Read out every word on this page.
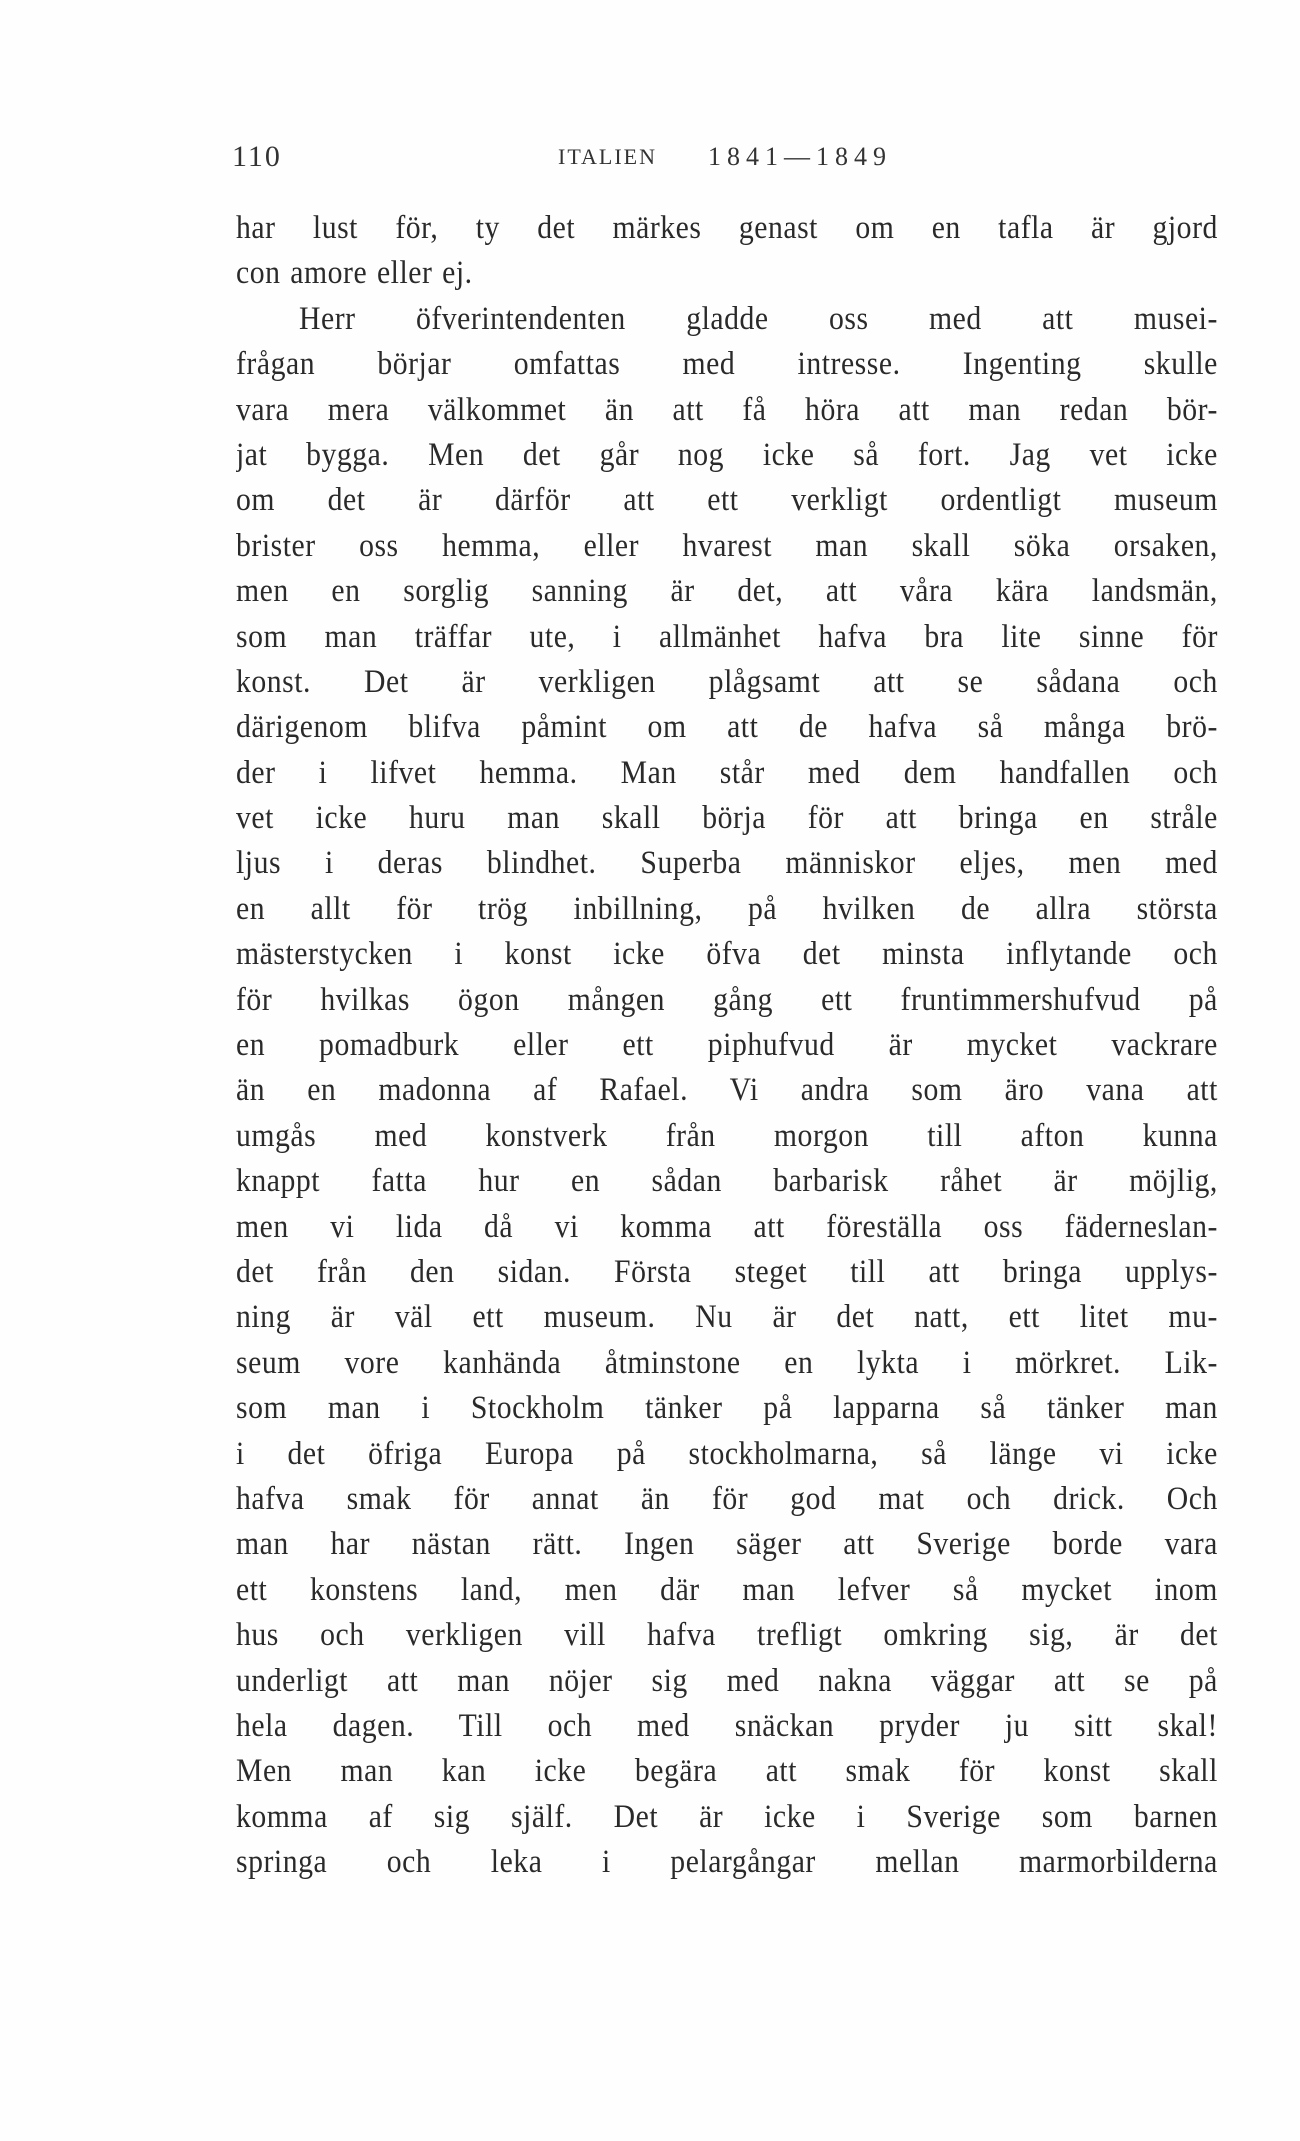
110	ITALIEN 1841—1849
har lust för, ty det märkes genast om en tafla är gjord
con amore eller ej.
Herr öfverintendenten gladde oss med att musei-
frågan börjar omfattas med intresse. Ingenting skulle
vara mera välkommet än att få höra att man redan bör-
jat bygga. Men det går nog icke så fort. Jag vet icke
om det är därför att ett verkligt ordentligt museum
brister oss hemma, eller hvarest man skall söka orsaken,
men en sorglig sanning är det, att våra kära landsmän,
som man träffar ute, i allmänhet hafva bra lite sinne för
konst. Det är verkligen plågsamt att se sådana och
därigenom blifva påmint om att de hafva så många brö-
der i lifvet hemma. Man står med dem handfallen och
vet icke huru man skall börja för att bringa en stråle
ljus i deras blindhet. Superba människor eljes, men med
en allt för trög inbillning, på hvilken de allra största
mästerstycken i konst icke öfva det minsta inflytande och
för hvilkas ögon mången gång ett fruntimmershufvud på
en pomadburk eller ett piphufvud är mycket vackrare
än en madonna af Rafael. Vi andra som äro vana att
umgås med konstverk från morgon till afton kunna
knappt fatta hur en sådan barbarisk råhet är möjlig,
men vi lida då vi komma att föreställa oss fäderneslan-
det från den sidan. Första steget till att bringa upplys-
ning är väl ett museum. Nu är det natt, ett litet mu-
seum vore kanhända åtminstone en lykta i mörkret. Lik-
som man i Stockholm tänker på lapparna så tänker man
i det öfriga Europa på stockholmarna, så länge vi icke
hafva smak för annat än för god mat och drick. Och
man har nästan rätt. Ingen säger att Sverige borde vara
ett konstens land, men där man lefver så mycket inom
hus och verkligen vill hafva trefligt omkring sig, är det
underligt att man nöjer sig med nakna väggar att se på
hela dagen. Till och med snäckan pryder ju sitt skal!
Men man kan icke begära att smak för konst skall
komma af sig själf. Det är icke i Sverige som barnen
springa och leka i pelargångar mellan marmorbilderna
